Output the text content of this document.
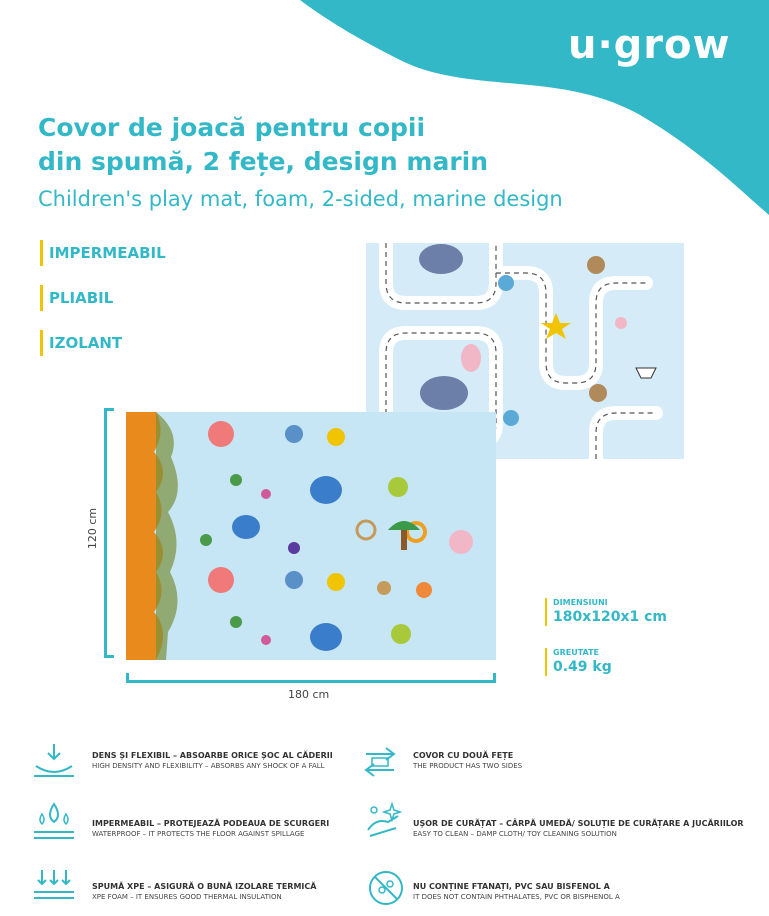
u·grow
Covor de joacă pentru copii
din spumă, 2 fețe, design marin
Children's play mat, foam, 2-sided, marine design
IMPERMEABIL
PLIABIL
IZOLANT
120 cm
180 cm
DIMENSIUNI
180x120x1 cm
GREUTATE
0.49 kg
DENS ȘI FLEXIBIL – ABSOARBE ORICE ȘOC AL CĂDERII
HIGH DENSITY AND FLEXIBILITY – ABSORBS ANY SHOCK OF A FALL
COVOR CU DOUĂ FEȚE
THE PRODUCT HAS TWO SIDES
IMPERMEABIL – PROTEJEAZĂ PODEAUA DE SCURGERI
WATERPROOF – IT PROTECTS THE FLOOR AGAINST SPILLAGE
UȘOR DE CURĂȚAT – CÂRPĂ UMEDĂ/ SOLUȚIE DE CURĂȚARE A JUCĂRIILOR
EASY TO CLEAN – DAMP CLOTH/ TOY CLEANING SOLUTION
SPUMĂ XPE – ASIGURĂ O BUNĂ IZOLARE TERMICĂ
XPE FOAM – IT ENSURES GOOD THERMAL INSULATION
NU CONȚINE FTANAȚI, PVC SAU BISFENOL A
IT DOES NOT CONTAIN PHTHALATES, PVC OR BISPHENOL A
